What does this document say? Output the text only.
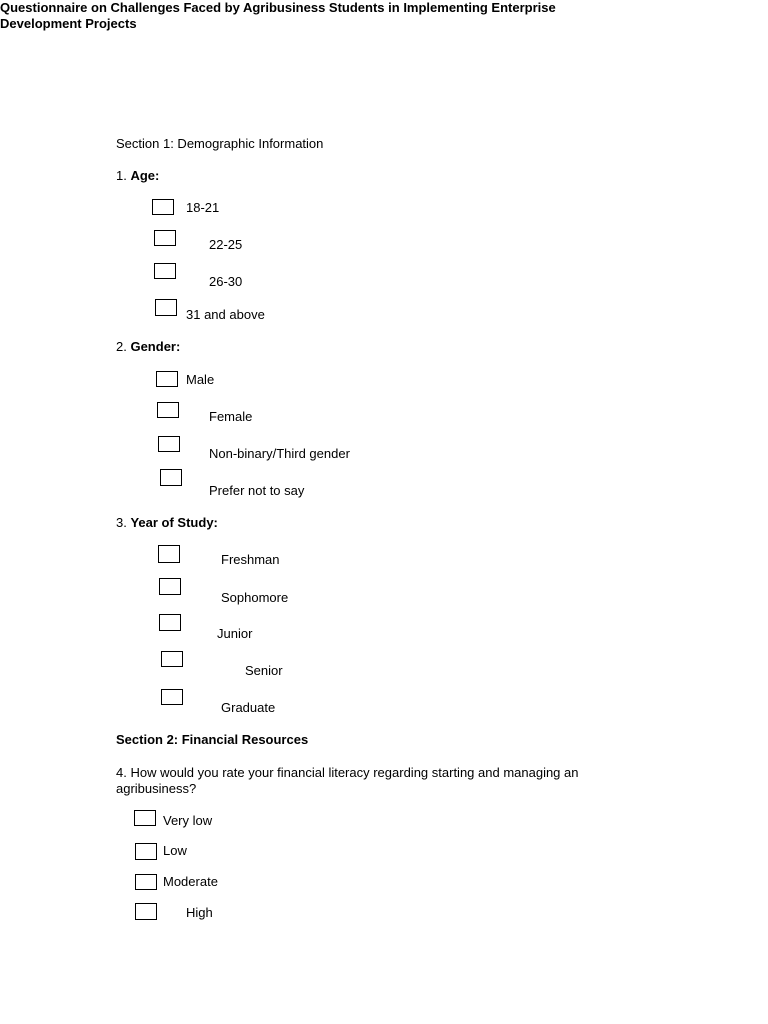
Questionnaire on Challenges Faced by Agribusiness Students in Implementing Enterprise Development Projects
Section 1: Demographic Information
1. Age:
18-21
22-25
26-30
31 and above
2. Gender:
Male
Female
Non-binary/Third gender
Prefer not to say
3. Year of Study:
Freshman
Sophomore
Junior
Senior
Graduate
Section 2: Financial Resources
4. How would you rate your financial literacy regarding starting and managing an agribusiness?
Very low
Low
Moderate
High
